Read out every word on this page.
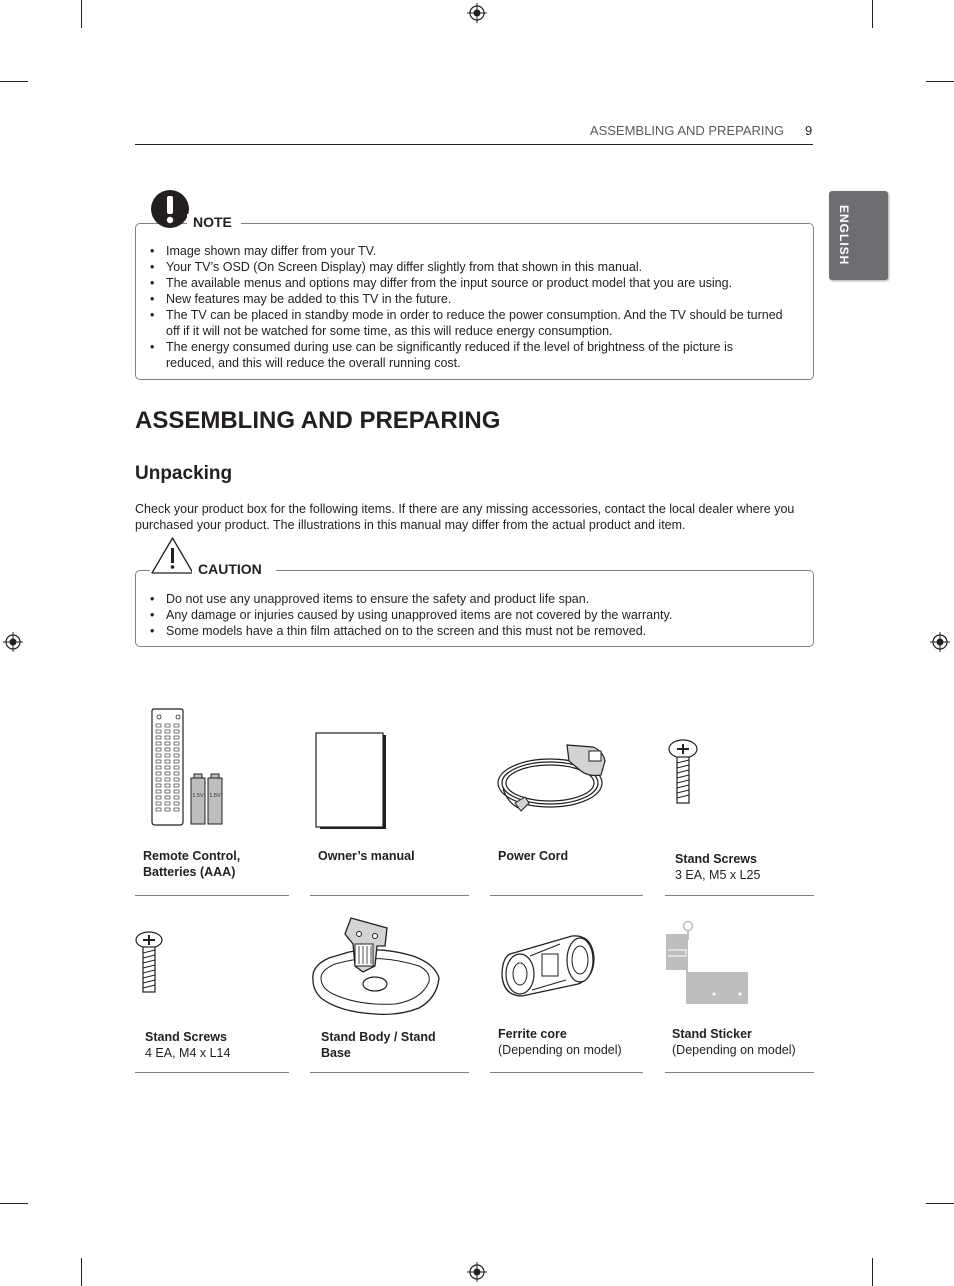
ASSEMBLING AND PREPARING 9
ENGLISH
NOTE
• Image shown may differ from your TV.
• Your TV’s OSD (On Screen Display) may differ slightly from that shown in this manual.
• The available menus and options may differ from the input source or product model that you are using.
• New features may be added to this TV in the future.
• The TV can be placed in standby mode in order to reduce the power consumption. And the TV should be turned off if it will not be watched for some time, as this will reduce energy consumption.
• The energy consumed during use can be significantly reduced if the level of brightness of the picture is reduced, and this will reduce the overall running cost.
ASSEMBLING AND PREPARING
Unpacking

Check your product box for the following items. If there are any missing accessories, contact the local dealer where you purchased your product. The illustrations in this manual may differ from the actual product and item.

CAUTION
• Do not use any unapproved items to ensure the safety and product life span.
• Any damage or injuries caused by using unapproved items are not covered by the warranty.
• Some models have a thin film attached on to the screen and this must not be removed.
1.5V 1.5V
Remote Control,
Batteries (AAA)
Owner’s manual	Power Cord	Stand Screws
3 EA, M5 x L25
Stand Screws
4 EA, M4 x L14
Stand Body / Stand
Base
Ferrite core
(Depending on model)
Stand Sticker
(Depending on model)
